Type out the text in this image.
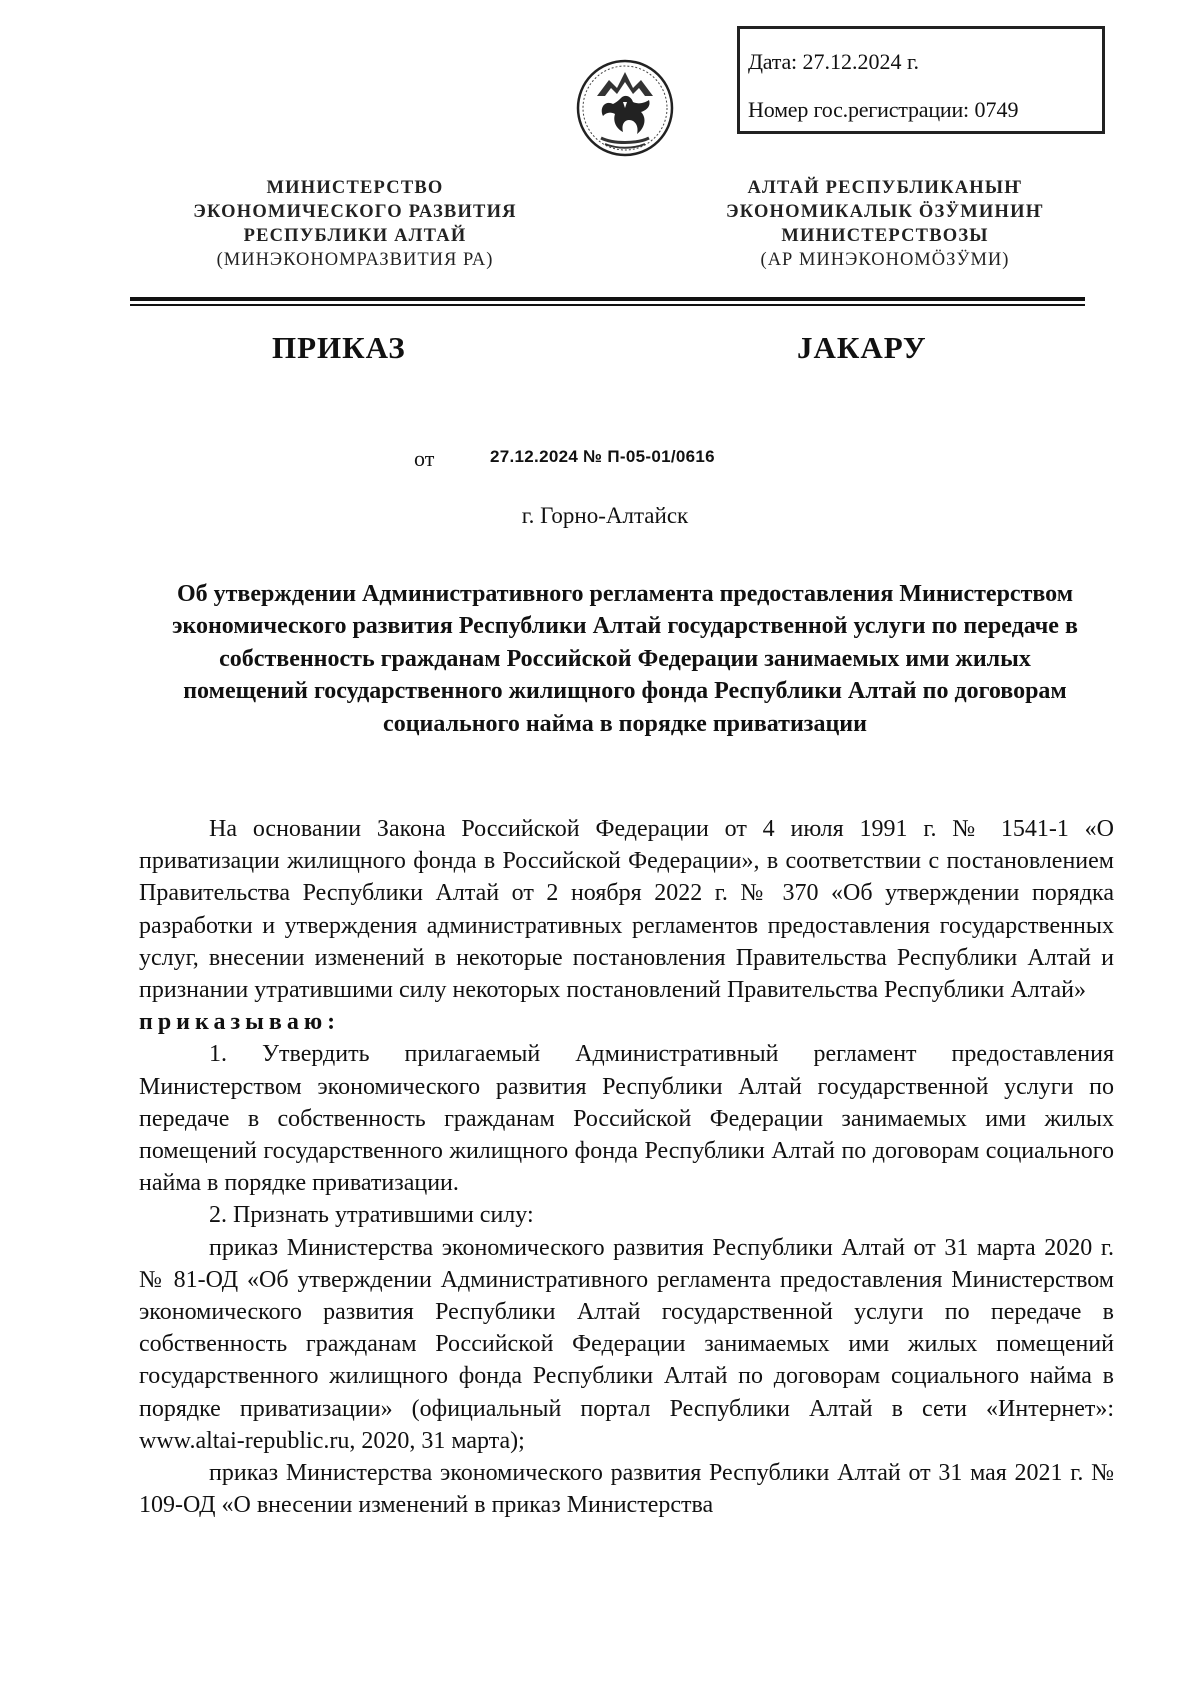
Дата: 27.12.2024 г.
Номер гос.регистрации: 0749
МИНИСТЕРСТВО
ЭКОНОМИЧЕСКОГО РАЗВИТИЯ
РЕСПУБЛИКИ АЛТАЙ
(МИНЭКОНОМРАЗВИТИЯ РА)
АЛТАЙ РЕСПУБЛИКАНЫҤ
ЭКОНОМИКАЛЫК ӦЗӰМИНИҤ
МИНИСТЕРСТВОЗЫ
(АР МИНЭКОНОМӦЗӰМИ)
ПРИКАЗ	ЈАКАРУ
от	27.12.2024 № П-05-01/0616
г. Горно-Алтайск
Об утверждении Административного регламента предоставления Министерством экономического развития Республики Алтай государственной услуги по передаче в собственность гражданам Российской Федерации занимаемых ими жилых помещений государственного жилищного фонда Республики Алтай по договорам социального найма в порядке приватизации

На основании Закона Российской Федерации от 4 июля 1991 г. № 1541-1 «О приватизации жилищного фонда в Российской Федерации», в соответствии с постановлением Правительства Республики Алтай от 2 ноября 2022 г. № 370 «Об утверждении порядка разработки и утверждения административных регламентов предоставления государственных услуг, внесении изменений в некоторые постановления Правительства Республики Алтай и признании утратившими силу некоторых постановлений Правительства Республики Алтай»

приказываю:

1. Утвердить прилагаемый Административный регламент предоставления Министерством экономического развития Республики Алтай государственной услуги по передаче в собственность гражданам Российской Федерации занимаемых ими жилых помещений государственного жилищного фонда Республики Алтай по договорам социального найма в порядке приватизации.

2. Признать утратившими силу:

приказ Министерства экономического развития Республики Алтай от 31 марта 2020 г. № 81-ОД «Об утверждении Административного регламента предоставления Министерством экономического развития Республики Алтай государственной услуги по передаче в собственность гражданам Российской Федерации занимаемых ими жилых помещений государственного жилищного фонда Республики Алтай по договорам социального найма в порядке приватизации» (официальный портал Республики Алтай в сети «Интернет»: www.altai-republic.ru, 2020, 31 марта);

приказ Министерства экономического развития Республики Алтай от 31 мая 2021 г. № 109-ОД «О внесении изменений в приказ Министерства
